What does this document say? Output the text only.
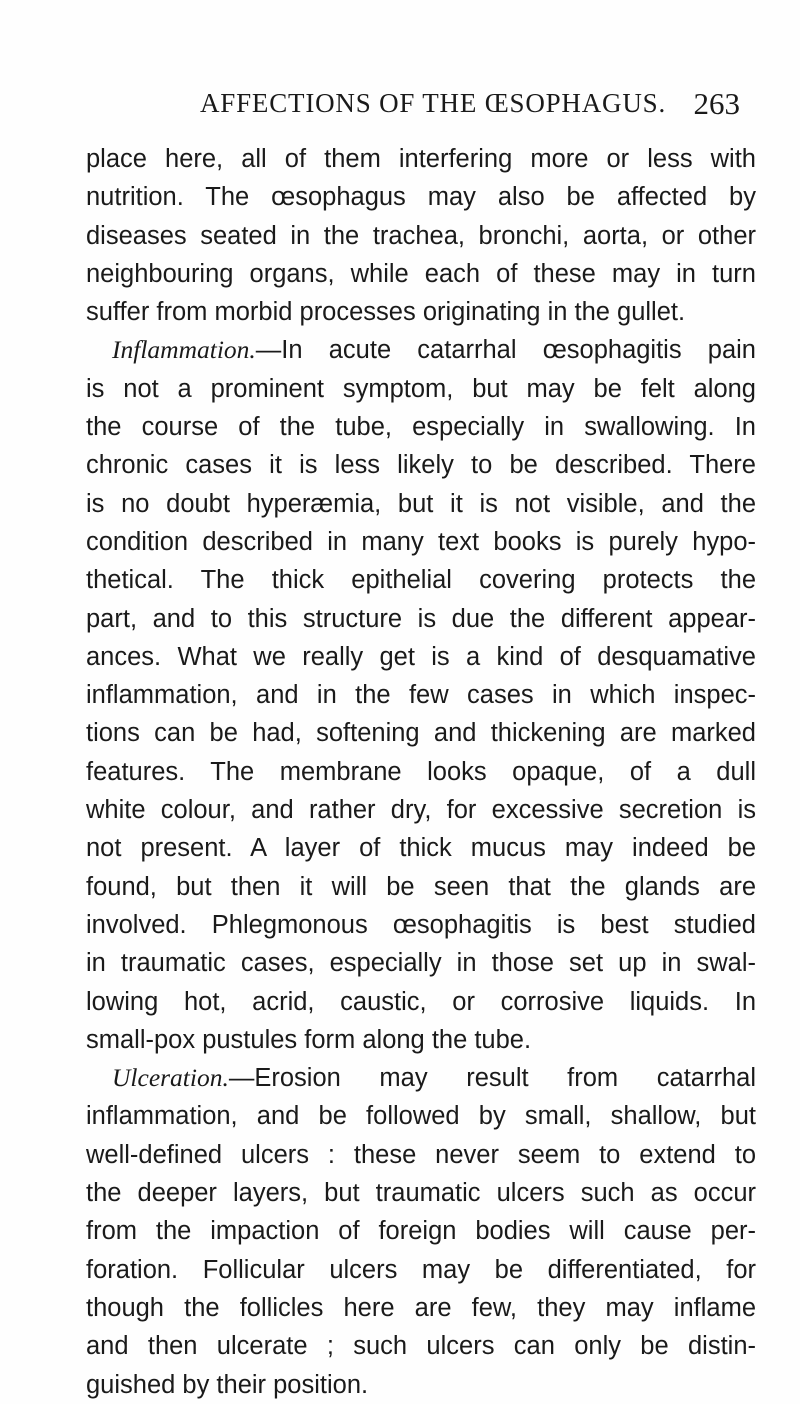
AFFECTIONS OF THE ŒSOPHAGUS. 263
place here, all of them interfering more or less with
nutrition. The œsophagus may also be affected by
diseases seated in the trachea, bronchi, aorta, or other
neighbouring organs, while each of these may in turn
suffer from morbid processes originating in the gullet.
Inflammation.—In acute catarrhal œsophagitis pain
is not a prominent symptom, but may be felt along
the course of the tube, especially in swallowing. In
chronic cases it is less likely to be described. There
is no doubt hyperæmia, but it is not visible, and the
condition described in many text books is purely hypo-
thetical. The thick epithelial covering protects the
part, and to this structure is due the different appear-
ances. What we really get is a kind of desquamative
inflammation, and in the few cases in which inspec-
tions can be had, softening and thickening are marked
features. The membrane looks opaque, of a dull
white colour, and rather dry, for excessive secretion is
not present. A layer of thick mucus may indeed be
found, but then it will be seen that the glands are
involved. Phlegmonous œsophagitis is best studied
in traumatic cases, especially in those set up in swal-
lowing hot, acrid, caustic, or corrosive liquids. In
small-pox pustules form along the tube.
Ulceration.—Erosion may result from catarrhal
inflammation, and be followed by small, shallow, but
well-defined ulcers : these never seem to extend to
the deeper layers, but traumatic ulcers such as occur
from the impaction of foreign bodies will cause per-
foration. Follicular ulcers may be differentiated, for
though the follicles here are few, they may inflame
and then ulcerate ; such ulcers can only be distin-
guished by their position.
